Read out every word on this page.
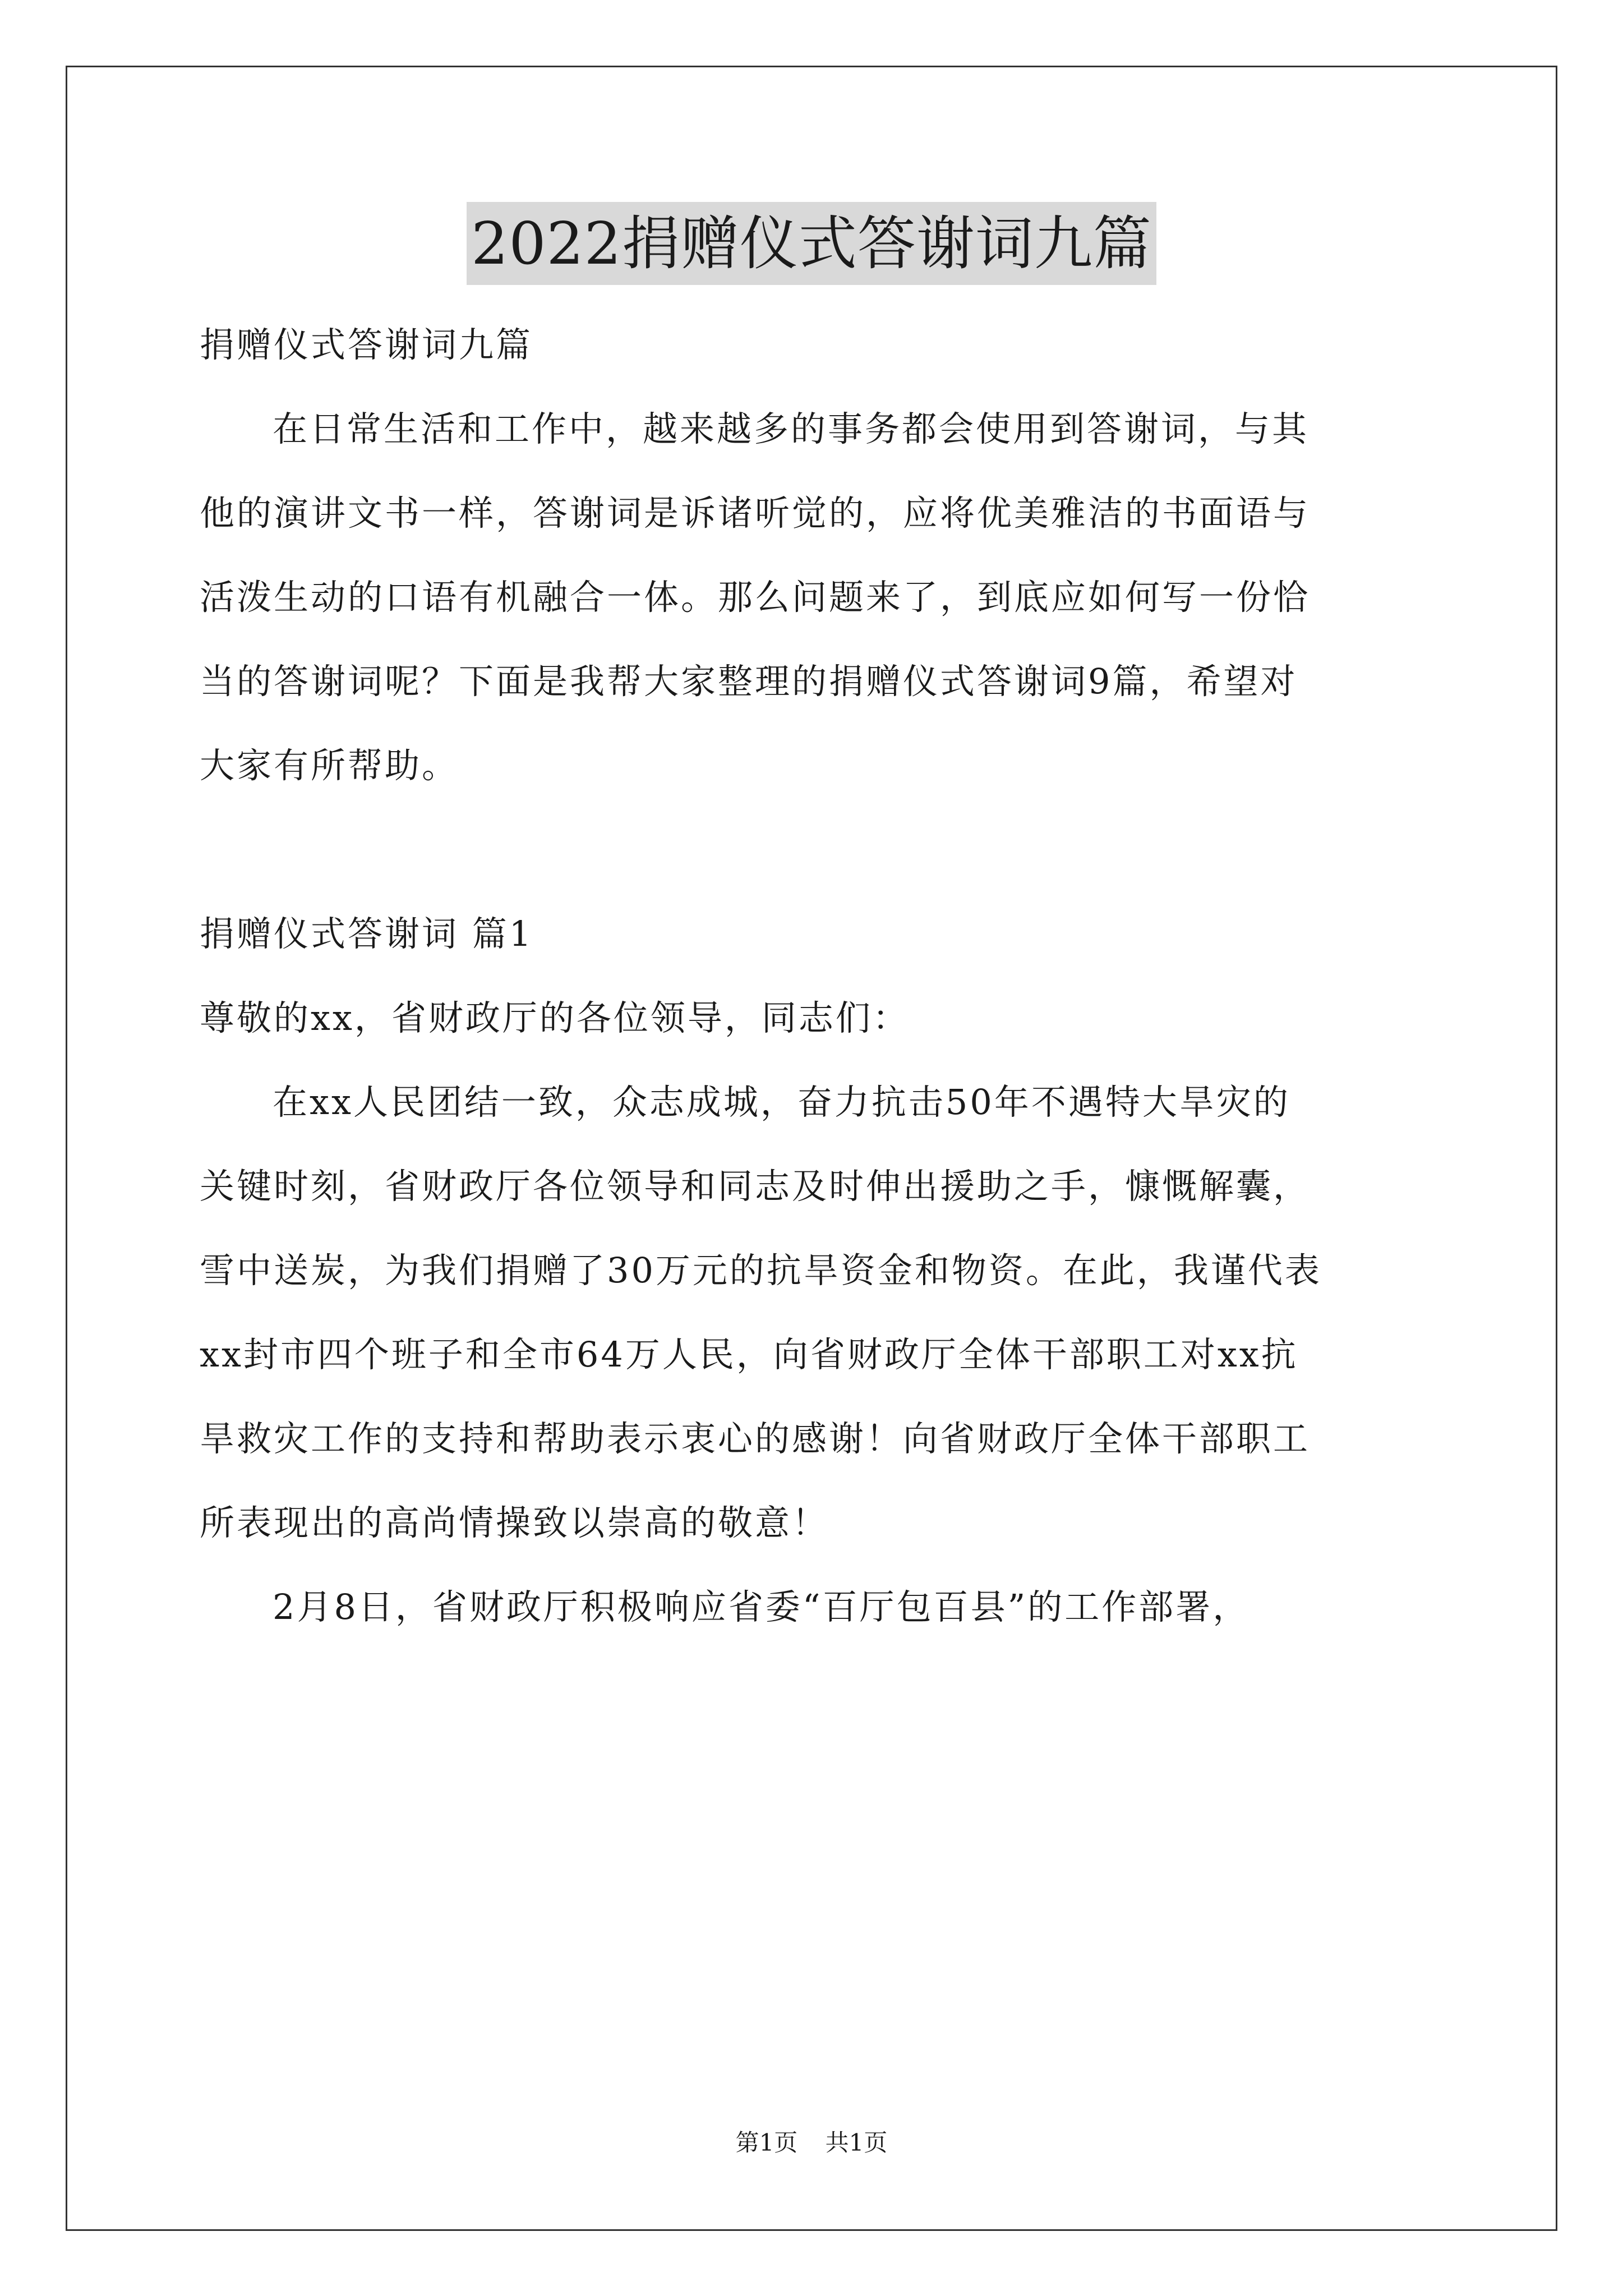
2022捐赠仪式答谢词九篇
捐赠仪式答谢词九篇
在日常生活和工作中，越来越多的事务都会使用到答谢词，与其
他的演讲文书一样，答谢词是诉诸听觉的，应将优美雅洁的书面语与
活泼生动的口语有机融合一体。那么问题来了，到底应如何写一份恰
当的答谢词呢？下面是我帮大家整理的捐赠仪式答谢词9篇，希望对
大家有所帮助。
捐赠仪式答谢词 篇1
尊敬的xx，省财政厅的各位领导，同志们：
在xx人民团结一致，众志成城，奋力抗击50年不遇特大旱灾的
关键时刻，省财政厅各位领导和同志及时伸出援助之手，慷慨解囊，
雪中送炭，为我们捐赠了30万元的抗旱资金和物资。在此，我谨代表
xx封市四个班子和全市64万人民，向省财政厅全体干部职工对xx抗
旱救灾工作的支持和帮助表示衷心的感谢！向省财政厅全体干部职工
所表现出的高尚情操致以崇高的敬意！
2月8日，省财政厅积极响应省委“百厅包百县”的工作部署，
第1页 共1页
